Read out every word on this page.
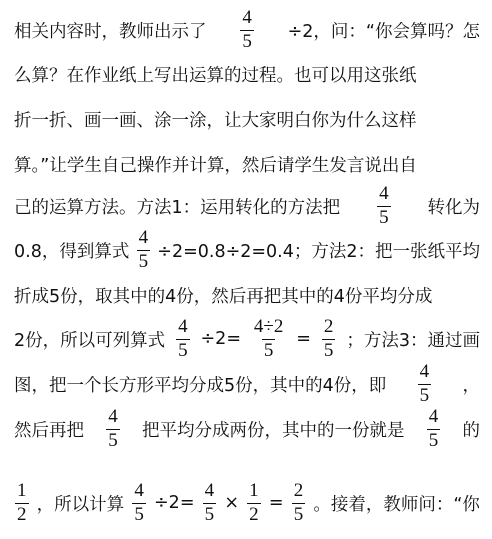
相关内容时，教师出示了 $\frac{4}{5} \div 2$，问：“你会算吗？怎
么算？在作业纸上写出运算的过程。也可以用这张纸
折一折、画一画、涂一涂，让大家明白你为什么这样
算。”让学生自己操作并计算，然后请学生发言说出自
己的运算方法。方法1：运用转化的方法把 $\frac{4}{5}$ 转化为
0.8，得到算式 $\frac{4}{5} \div 2=0.8\div 2=0.4$；方法2：把一张纸平均
折成5份，取其中的4份，然后再把其中的4份平均分成
2份，所以可列算式 $\frac{4}{5} \div 2= \frac{4\div 2}{5} = \frac{2}{5}$ ；方法3：通过画
图，把一个长方形平均分成5份，其中的4份，即 $\frac{4}{5}$ ，
然后再把 $\frac{4}{5}$ 把平均分成两份，其中的一份就是 $\frac{4}{5}$ 的
$\frac{1}{2}$ ，所以计算 $\frac{4}{5} \div 2= \frac{4}{5} \times \frac{1}{2} = \frac{2}{5}$ 。接着，教师问：“你
